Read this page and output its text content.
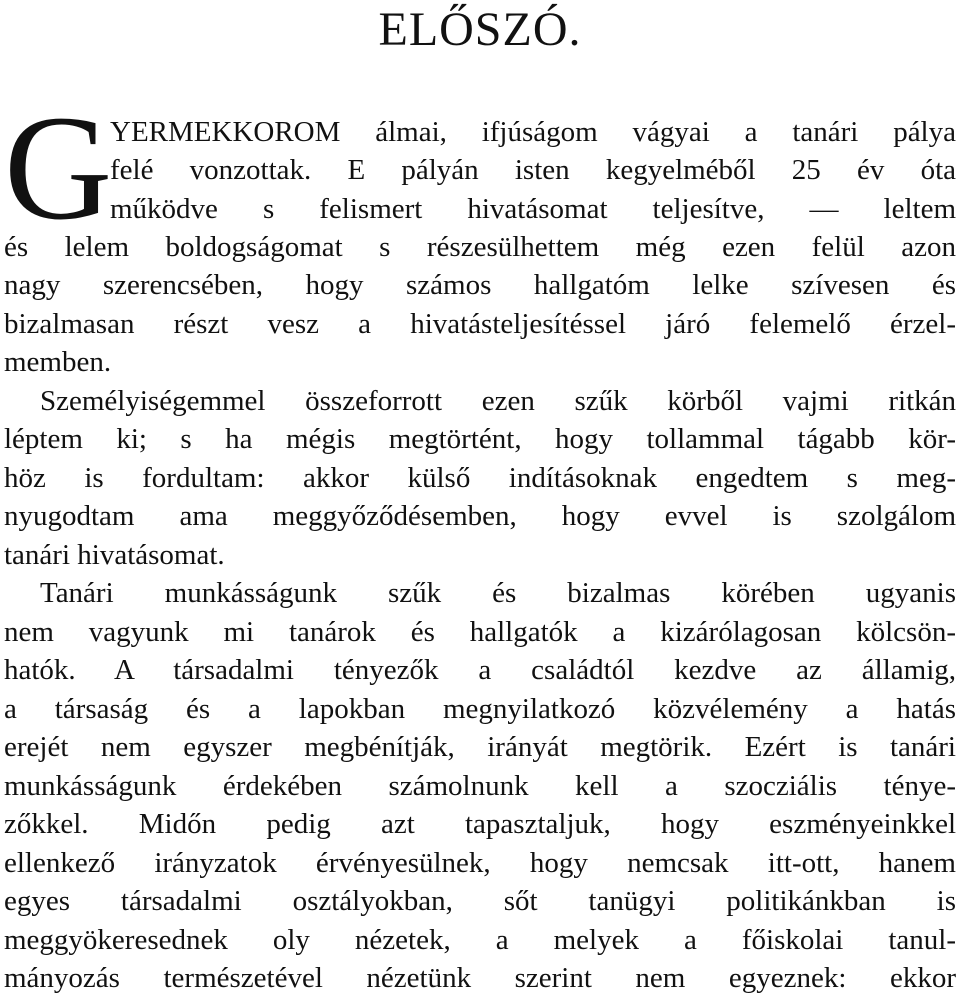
ELŐSZÓ.
G
YERMEKKOROM álmai, ifjúságom vágyai a tanári pálya
felé vonzottak. E pályán isten kegyelméből 25 év óta
működve s felismert hivatásomat teljesítve, — leltem
és lelem boldogságomat s részesülhettem még ezen felül azon
nagy szerencsében, hogy számos hallgatóm lelke szívesen és
bizalmasan részt vesz a hivatásteljesítéssel járó felemelő érzel-
memben.
Személyiségemmel összeforrott ezen szűk körből vajmi ritkán
léptem ki; s ha mégis megtörtént, hogy tollammal tágabb kör-
höz is fordultam: akkor külső indításoknak engedtem s meg-
nyugodtam ama meggyőződésemben, hogy evvel is szolgálom
tanári hivatásomat.
Tanári munkásságunk szűk és bizalmas körében ugyanis
nem vagyunk mi tanárok és hallgatók a kizárólagosan kölcsön-
hatók. A társadalmi tényezők a családtól kezdve az államig,
a társaság és a lapokban megnyilatkozó közvélemény a hatás
erejét nem egyszer megbénítják, irányát megtörik. Ezért is tanári
munkásságunk érdekében számolnunk kell a szocziális ténye-
zőkkel. Midőn pedig azt tapasztaljuk, hogy eszményeinkkel
ellenkező irányzatok érvényesülnek, hogy nemcsak itt-ott, hanem
egyes társadalmi osztályokban, sőt tanügyi politikánkban is
meggyökeresednek oly nézetek, a melyek a főiskolai tanul-
mányozás természetével nézetünk szerint nem egyeznek: ekkor
